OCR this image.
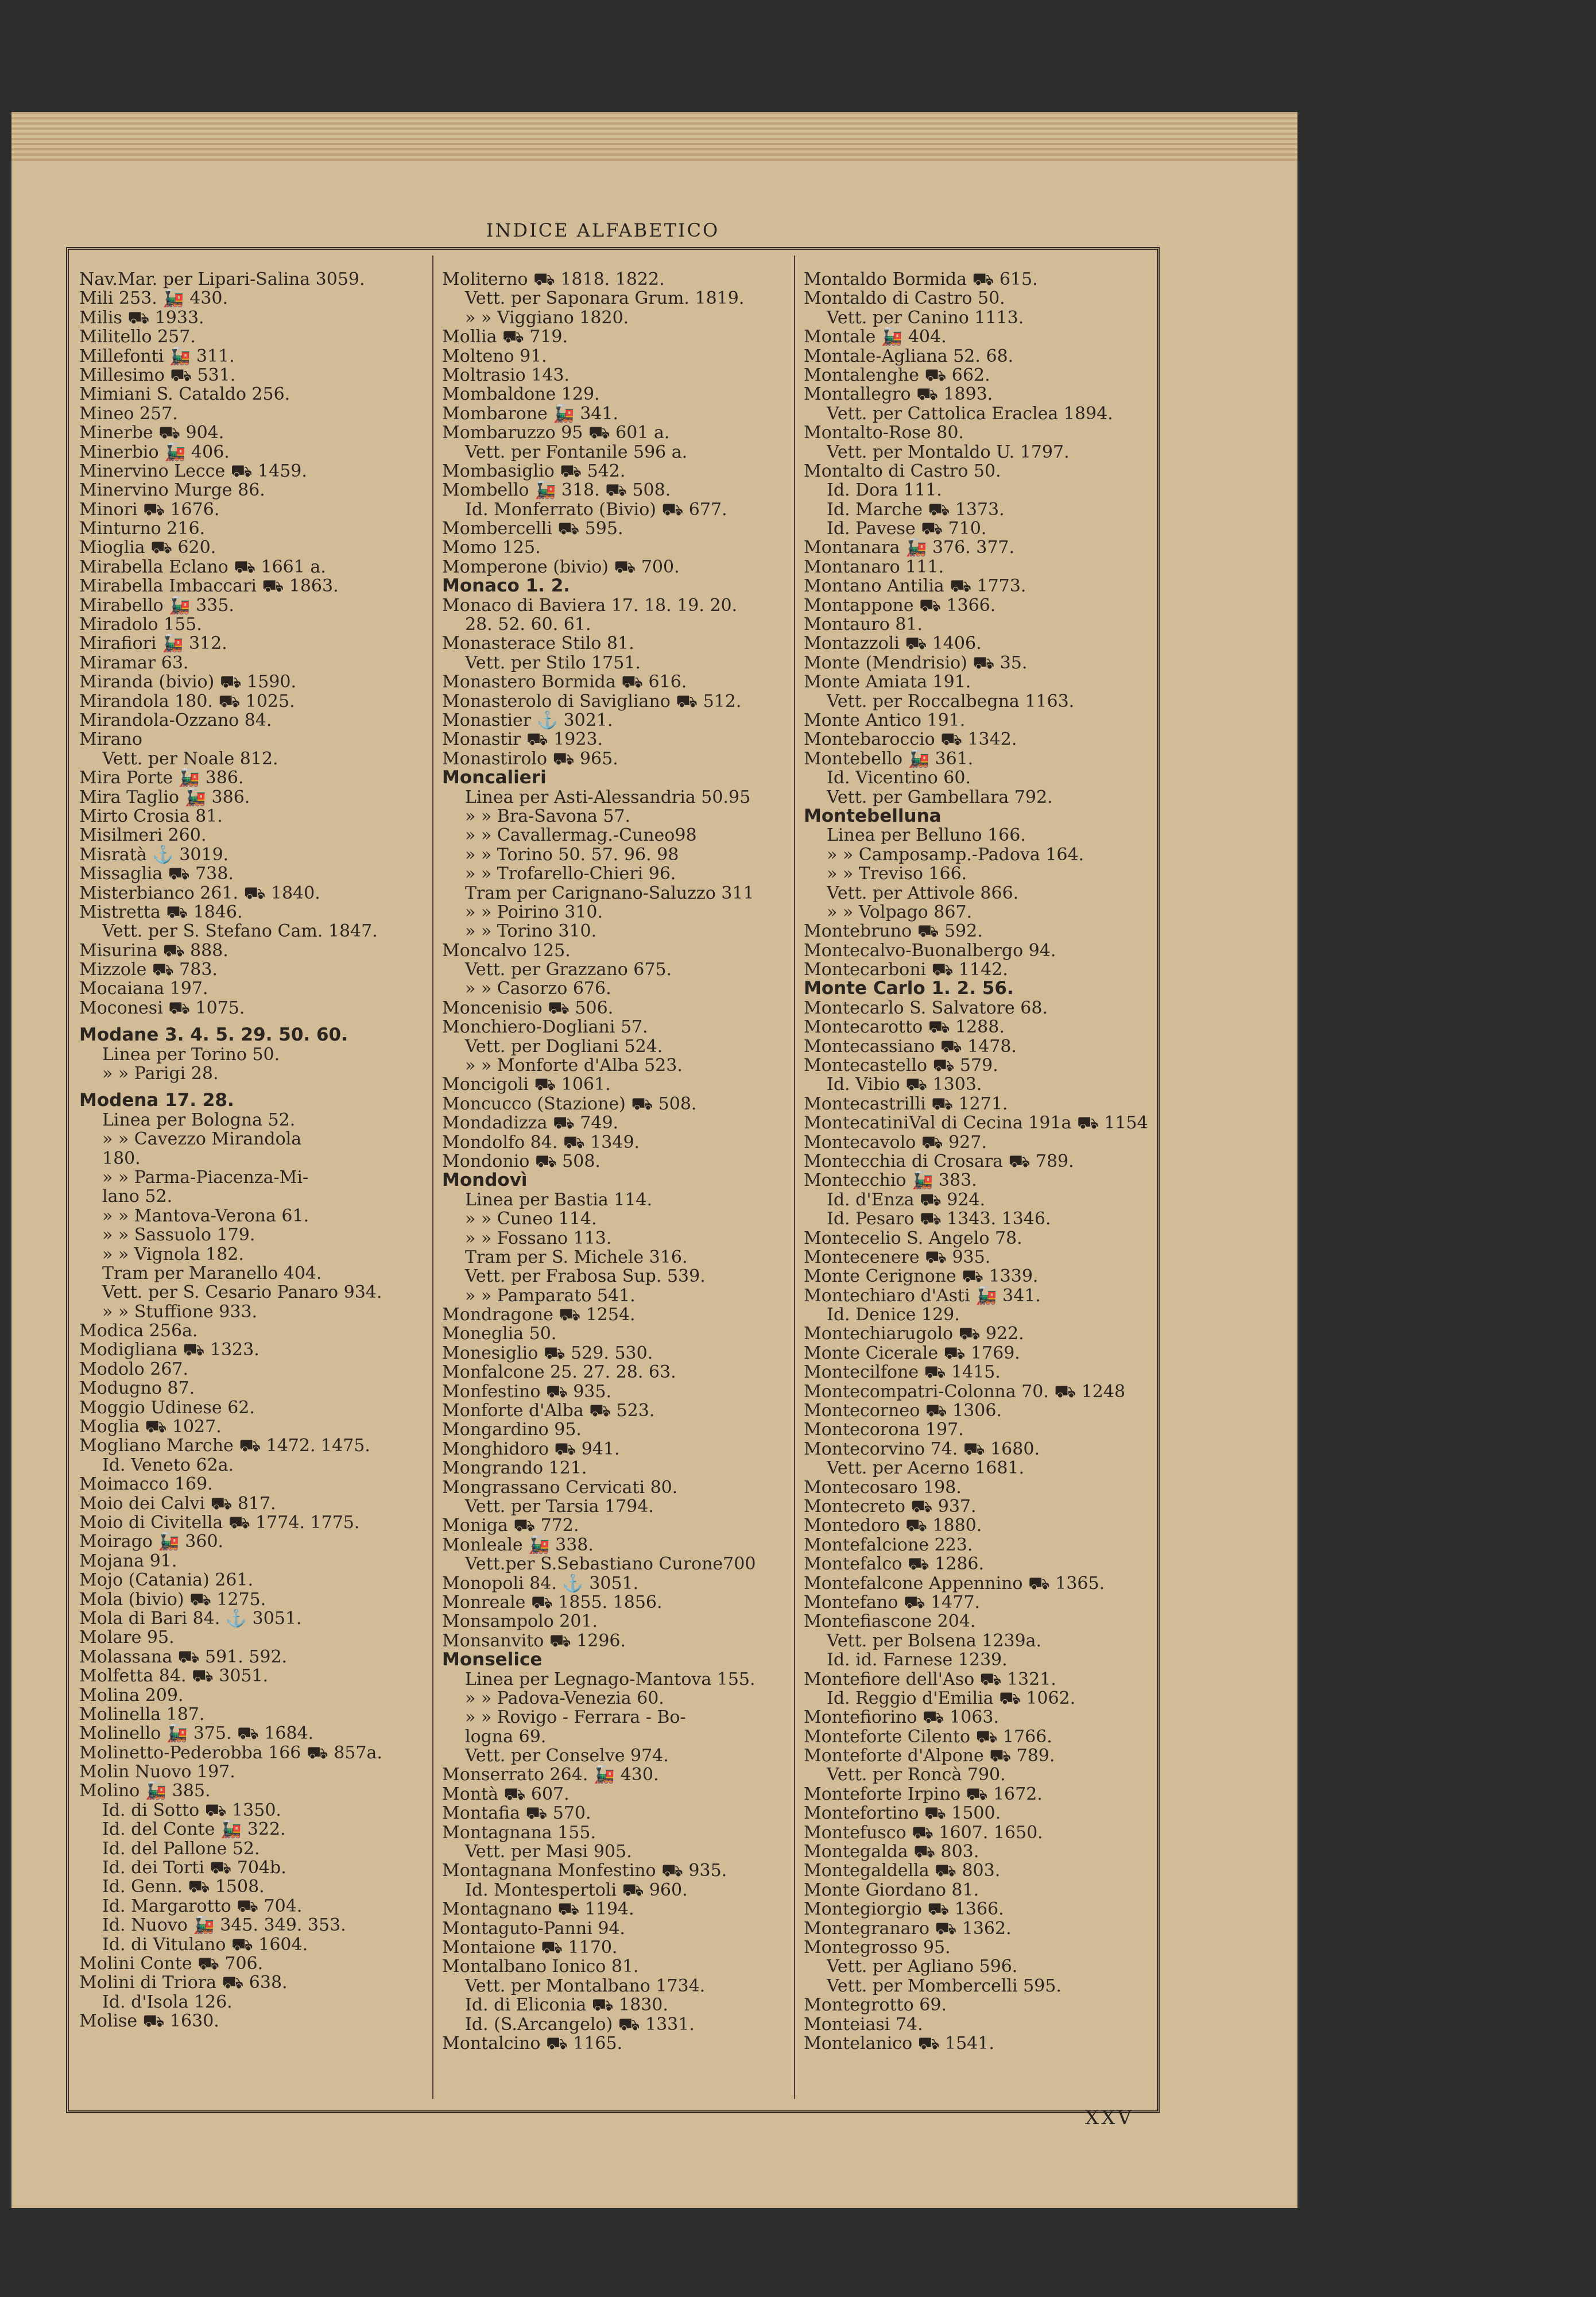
INDICE ALFABETICO
Nav.Mar. per Lipari-Salina 3059.
Mili 253. 🚂 430.
Milis ⛟ 1933.
Militello 257.
Millefonti 🚂 311.
Millesimo ⛟ 531.
Mimiani S. Cataldo 256.
Mineo 257.
Minerbe ⛟ 904.
Minerbio 🚂 406.
Minervino Lecce ⛟ 1459.
Minervino Murge 86.
Minori ⛟ 1676.
Minturno 216.
Mioglia ⛟ 620.
Mirabella Eclano ⛟ 1661 a.
Mirabella Imbaccari ⛟ 1863.
Mirabello 🚂 335.
Miradolo 155.
Mirafiori 🚂 312.
Miramar 63.
Miranda (bivio) ⛟ 1590.
Mirandola 180. ⛟ 1025.
Mirandola-Ozzano 84.
Mirano
Vett. per Noale 812.
Mira Porte 🚂 386.
Mira Taglio 🚂 386.
Mirto Crosia 81.
Misilmeri 260.
Misratà ⚓ 3019.
Missaglia ⛟ 738.
Misterbianco 261. ⛟ 1840.
Mistretta ⛟ 1846.
Vett. per S. Stefano Cam. 1847.
Misurina ⛟ 888.
Mizzole ⛟ 783.
Mocaiana 197.
Moconesi ⛟ 1075.
Modane 3. 4. 5. 29. 50. 60.
Linea per Torino 50.
» » Parigi 28.
Modena 17. 28.
Linea per Bologna 52.
» » Cavezzo Mirandola
180.
» » Parma-Piacenza-Mi-
lano 52.
» » Mantova-Verona 61.
» » Sassuolo 179.
» » Vignola 182.
Tram per Maranello 404.
Vett. per S. Cesario Panaro 934.
» » Stuffione 933.
Modica 256a.
Modigliana ⛟ 1323.
Modolo 267.
Modugno 87.
Moggio Udinese 62.
Moglia ⛟ 1027.
Mogliano Marche ⛟ 1472. 1475.
Id. Veneto 62a.
Moimacco 169.
Moio dei Calvi ⛟ 817.
Moio di Civitella ⛟ 1774. 1775.
Moirago 🚂 360.
Mojana 91.
Mojo (Catania) 261.
Mola (bivio) ⛟ 1275.
Mola di Bari 84. ⚓ 3051.
Molare 95.
Molassana ⛟ 591. 592.
Molfetta 84. ⛟ 3051.
Molina 209.
Molinella 187.
Molinello 🚂 375. ⛟ 1684.
Molinetto-Pederobba 166 ⛟ 857a.
Molin Nuovo 197.
Molino 🚂 385.
Id. di Sotto ⛟ 1350.
Id. del Conte 🚂 322.
Id. del Pallone 52.
Id. dei Torti ⛟ 704b.
Id. Genn. ⛟ 1508.
Id. Margarotto ⛟ 704.
Id. Nuovo 🚂 345. 349. 353.
Id. di Vitulano ⛟ 1604.
Molini Conte ⛟ 706.
Molini di Triora ⛟ 638.
Id. d'Isola 126.
Molise ⛟ 1630.
Moliterno ⛟ 1818. 1822.
Vett. per Saponara Grum. 1819.
» » Viggiano 1820.
Mollia ⛟ 719.
Molteno 91.
Moltrasio 143.
Mombaldone 129.
Mombarone 🚂 341.
Mombaruzzo 95 ⛟ 601 a.
Vett. per Fontanile 596 a.
Mombasiglio ⛟ 542.
Mombello 🚂 318. ⛟ 508.
Id. Monferrato (Bivio) ⛟ 677.
Mombercelli ⛟ 595.
Momo 125.
Momperone (bivio) ⛟ 700.
Monaco 1. 2.
Monaco di Baviera 17. 18. 19. 20.
28. 52. 60. 61.
Monasterace Stilo 81.
Vett. per Stilo 1751.
Monastero Bormida ⛟ 616.
Monasterolo di Savigliano ⛟ 512.
Monastier ⚓ 3021.
Monastir ⛟ 1923.
Monastirolo ⛟ 965.
Moncalieri
Linea per Asti-Alessandria 50.95
» » Bra-Savona 57.
» » Cavallermag.-Cuneo98
» » Torino 50. 57. 96. 98
» » Trofarello-Chieri 96.
Tram per Carignano-Saluzzo 311
» » Poirino 310.
» » Torino 310.
Moncalvo 125.
Vett. per Grazzano 675.
» » Casorzo 676.
Moncenisio ⛟ 506.
Monchiero-Dogliani 57.
Vett. per Dogliani 524.
» » Monforte d'Alba 523.
Moncigoli ⛟ 1061.
Moncucco (Stazione) ⛟ 508.
Mondadizza ⛟ 749.
Mondolfo 84. ⛟ 1349.
Mondonio ⛟ 508.
Mondovì
Linea per Bastia 114.
» » Cuneo 114.
» » Fossano 113.
Tram per S. Michele 316.
Vett. per Frabosa Sup. 539.
» » Pamparato 541.
Mondragone ⛟ 1254.
Moneglia 50.
Monesiglio ⛟ 529. 530.
Monfalcone 25. 27. 28. 63.
Monfestino ⛟ 935.
Monforte d'Alba ⛟ 523.
Mongardino 95.
Monghidoro ⛟ 941.
Mongrando 121.
Mongrassano Cervicati 80.
Vett. per Tarsia 1794.
Moniga ⛟ 772.
Monleale 🚂 338.
Vett.per S.Sebastiano Curone700
Monopoli 84. ⚓ 3051.
Monreale ⛟ 1855. 1856.
Monsampolo 201.
Monsanvito ⛟ 1296.
Monselice
Linea per Legnago-Mantova 155.
» » Padova-Venezia 60.
» » Rovigo - Ferrara - Bo-
logna 69.
Vett. per Conselve 974.
Monserrato 264. 🚂 430.
Montà ⛟ 607.
Montafia ⛟ 570.
Montagnana 155.
Vett. per Masi 905.
Montagnana Monfestino ⛟ 935.
Id. Montespertoli ⛟ 960.
Montagnano ⛟ 1194.
Montaguto-Panni 94.
Montaione ⛟ 1170.
Montalbano Ionico 81.
Vett. per Montalbano 1734.
Id. di Eliconia ⛟ 1830.
Id. (S.Arcangelo) ⛟ 1331.
Montalcino ⛟ 1165.
Montaldo Bormida ⛟ 615.
Montaldo di Castro 50.
Vett. per Canino 1113.
Montale 🚂 404.
Montale-Agliana 52. 68.
Montalenghe ⛟ 662.
Montallegro ⛟ 1893.
Vett. per Cattolica Eraclea 1894.
Montalto-Rose 80.
Vett. per Montaldo U. 1797.
Montalto di Castro 50.
Id. Dora 111.
Id. Marche ⛟ 1373.
Id. Pavese ⛟ 710.
Montanara 🚂 376. 377.
Montanaro 111.
Montano Antilia ⛟ 1773.
Montappone ⛟ 1366.
Montauro 81.
Montazzoli ⛟ 1406.
Monte (Mendrisio) ⛟ 35.
Monte Amiata 191.
Vett. per Roccalbegna 1163.
Monte Antico 191.
Montebaroccio ⛟ 1342.
Montebello 🚂 361.
Id. Vicentino 60.
Vett. per Gambellara 792.
Montebelluna
Linea per Belluno 166.
» » Camposamp.-Padova 164.
» » Treviso 166.
Vett. per Attivole 866.
» » Volpago 867.
Montebruno ⛟ 592.
Montecalvo-Buonalbergo 94.
Montecarboni ⛟ 1142.
Monte Carlo 1. 2. 56.
Montecarlo S. Salvatore 68.
Montecarotto ⛟ 1288.
Montecassiano ⛟ 1478.
Montecastello ⛟ 579.
Id. Vibio ⛟ 1303.
Montecastrilli ⛟ 1271.
MontecatiniVal di Cecina 191a ⛟ 1154
Montecavolo ⛟ 927.
Montecchia di Crosara ⛟ 789.
Montecchio 🚂 383.
Id. d'Enza ⛟ 924.
Id. Pesaro ⛟ 1343. 1346.
Montecelio S. Angelo 78.
Montecenere ⛟ 935.
Monte Cerignone ⛟ 1339.
Montechiaro d'Asti 🚂 341.
Id. Denice 129.
Montechiarugolo ⛟ 922.
Monte Cicerale ⛟ 1769.
Montecilfone ⛟ 1415.
Montecompatri-Colonna 70. ⛟ 1248
Montecorneo ⛟ 1306.
Montecorona 197.
Montecorvino 74. ⛟ 1680.
Vett. per Acerno 1681.
Montecosaro 198.
Montecreto ⛟ 937.
Montedoro ⛟ 1880.
Montefalcione 223.
Montefalco ⛟ 1286.
Montefalcone Appennino ⛟ 1365.
Montefano ⛟ 1477.
Montefiascone 204.
Vett. per Bolsena 1239a.
Id. id. Farnese 1239.
Montefiore dell'Aso ⛟ 1321.
Id. Reggio d'Emilia ⛟ 1062.
Montefiorino ⛟ 1063.
Monteforte Cilento ⛟ 1766.
Monteforte d'Alpone ⛟ 789.
Vett. per Roncà 790.
Monteforte Irpino ⛟ 1672.
Montefortino ⛟ 1500.
Montefusco ⛟ 1607. 1650.
Montegalda ⛟ 803.
Montegaldella ⛟ 803.
Monte Giordano 81.
Montegiorgio ⛟ 1366.
Montegranaro ⛟ 1362.
Montegrosso 95.
Vett. per Agliano 596.
Vett. per Mombercelli 595.
Montegrotto 69.
Monteiasi 74.
Montelanico ⛟ 1541.
XXV
